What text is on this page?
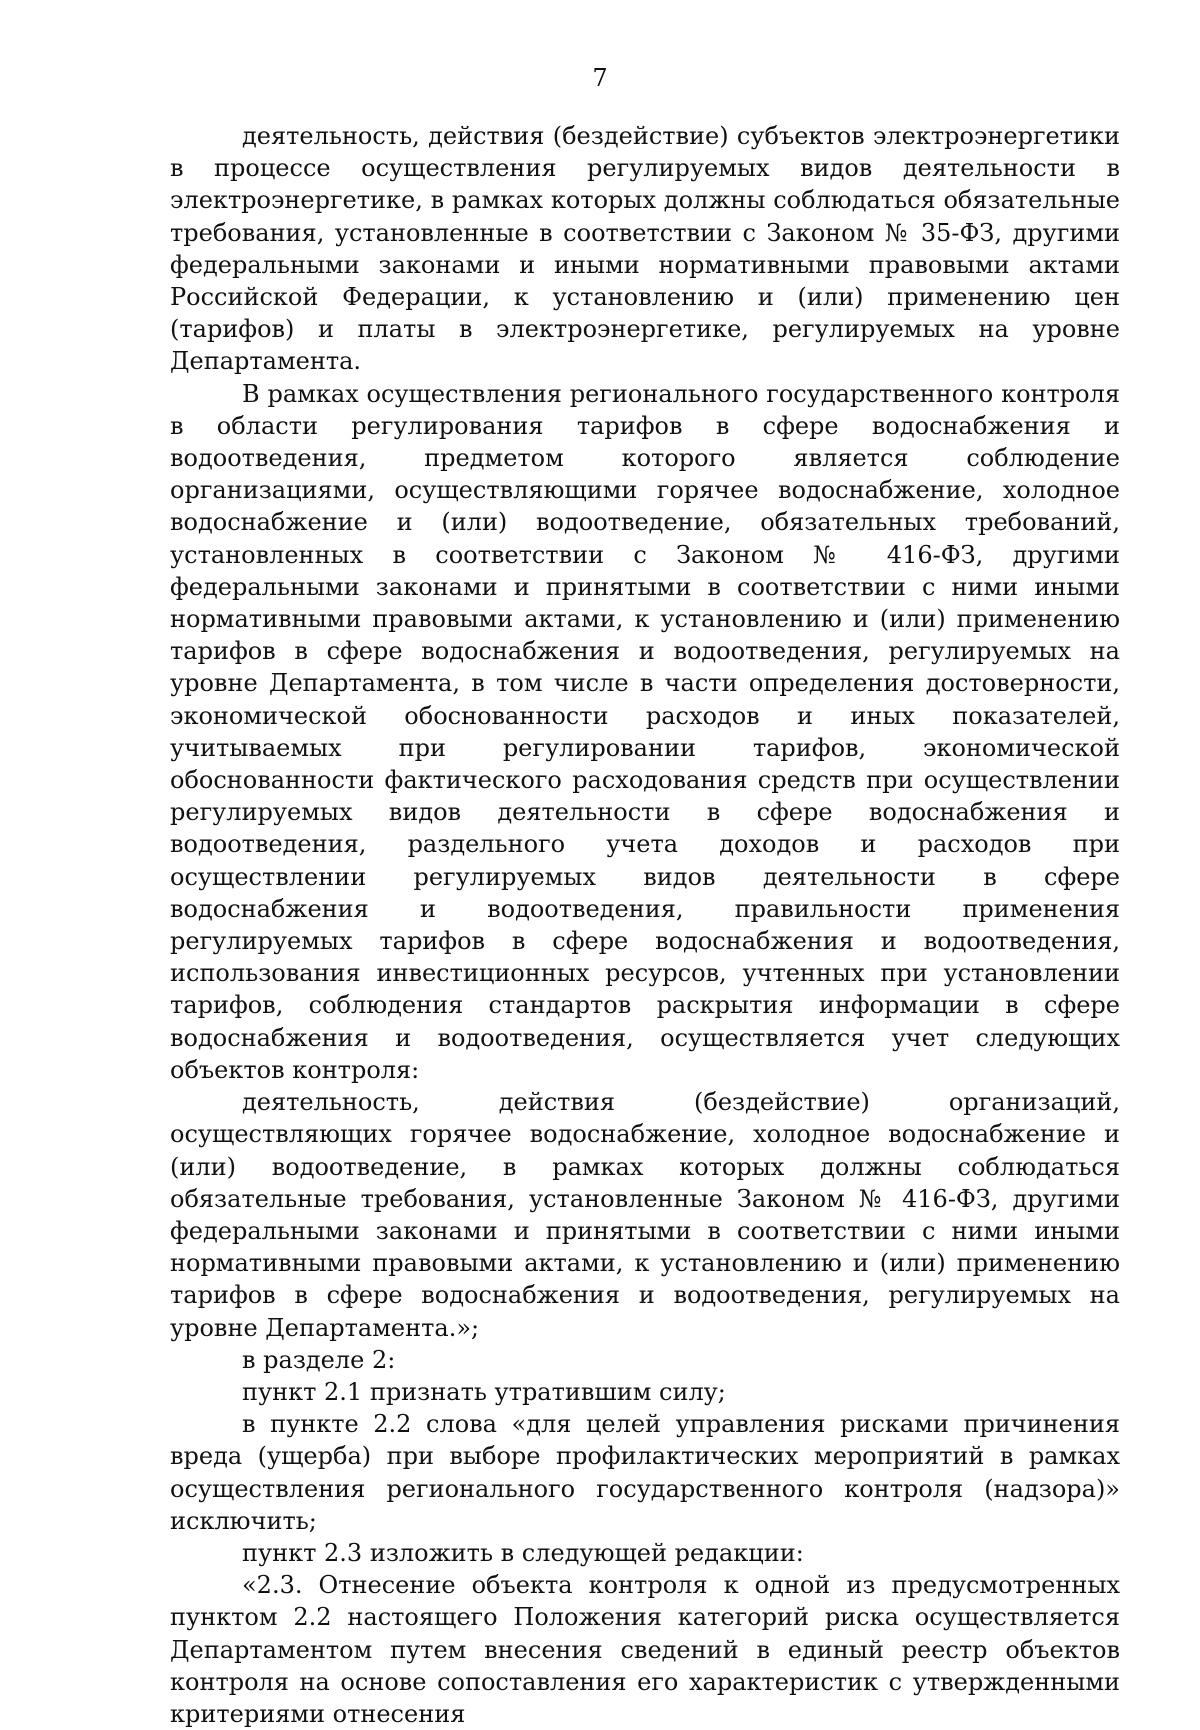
7

деятельность, действия (бездействие) субъектов электроэнергетики в процессе осуществления регулируемых видов деятельности в электроэнергетике, в рамках которых должны соблюдаться обязательные требования, установленные в соответствии с Законом № 35-ФЗ, другими федеральными законами и иными нормативными правовыми актами Российской Федерации, к установлению и (или) применению цен (тарифов) и платы в электроэнергетике, регулируемых на уровне Департамента.

В рамках осуществления регионального государственного контроля в области регулирования тарифов в сфере водоснабжения и водоотведения, предметом которого является соблюдение организациями, осуществляющими горячее водоснабжение, холодное водоснабжение и (или) водоотведение, обязательных требований, установленных в соответствии с Законом № 416-ФЗ, другими федеральными законами и принятыми в соответствии с ними иными нормативными правовыми актами, к установлению и (или) применению тарифов в сфере водоснабжения и водоотведения, регулируемых на уровне Департамента, в том числе в части определения достоверности, экономической обоснованности расходов и иных показателей, учитываемых при регулировании тарифов, экономической обоснованности фактического расходования средств при осуществлении регулируемых видов деятельности в сфере водоснабжения и водоотведения, раздельного учета доходов и расходов при осуществлении регулируемых видов деятельности в сфере водоснабжения и водоотведения, правильности применения регулируемых тарифов в сфере водоснабжения и водоотведения, использования инвестиционных ресурсов, учтенных при установлении тарифов, соблюдения стандартов раскрытия информации в сфере водоснабжения и водоотведения, осуществляется учет следующих объектов контроля:

деятельность, действия (бездействие) организаций, осуществляющих горячее водоснабжение, холодное водоснабжение и (или) водоотведение, в рамках которых должны соблюдаться обязательные требования, установленные Законом № 416-ФЗ, другими федеральными законами и принятыми в соответствии с ними иными нормативными правовыми актами, к установлению и (или) применению тарифов в сфере водоснабжения и водоотведения, регулируемых на уровне Департамента.»;

в разделе 2:

пункт 2.1 признать утратившим силу;

в пункте 2.2 слова «для целей управления рисками причинения вреда (ущерба) при выборе профилактических мероприятий в рамках осуществления регионального государственного контроля (надзора)» исключить;

пункт 2.3 изложить в следующей редакции:

«2.3. Отнесение объекта контроля к одной из предусмотренных пунктом 2.2 настоящего Положения категорий риска осуществляется Департаментом путем внесения сведений в единый реестр объектов контроля на основе сопоставления его характеристик с утвержденными критериями отнесения
